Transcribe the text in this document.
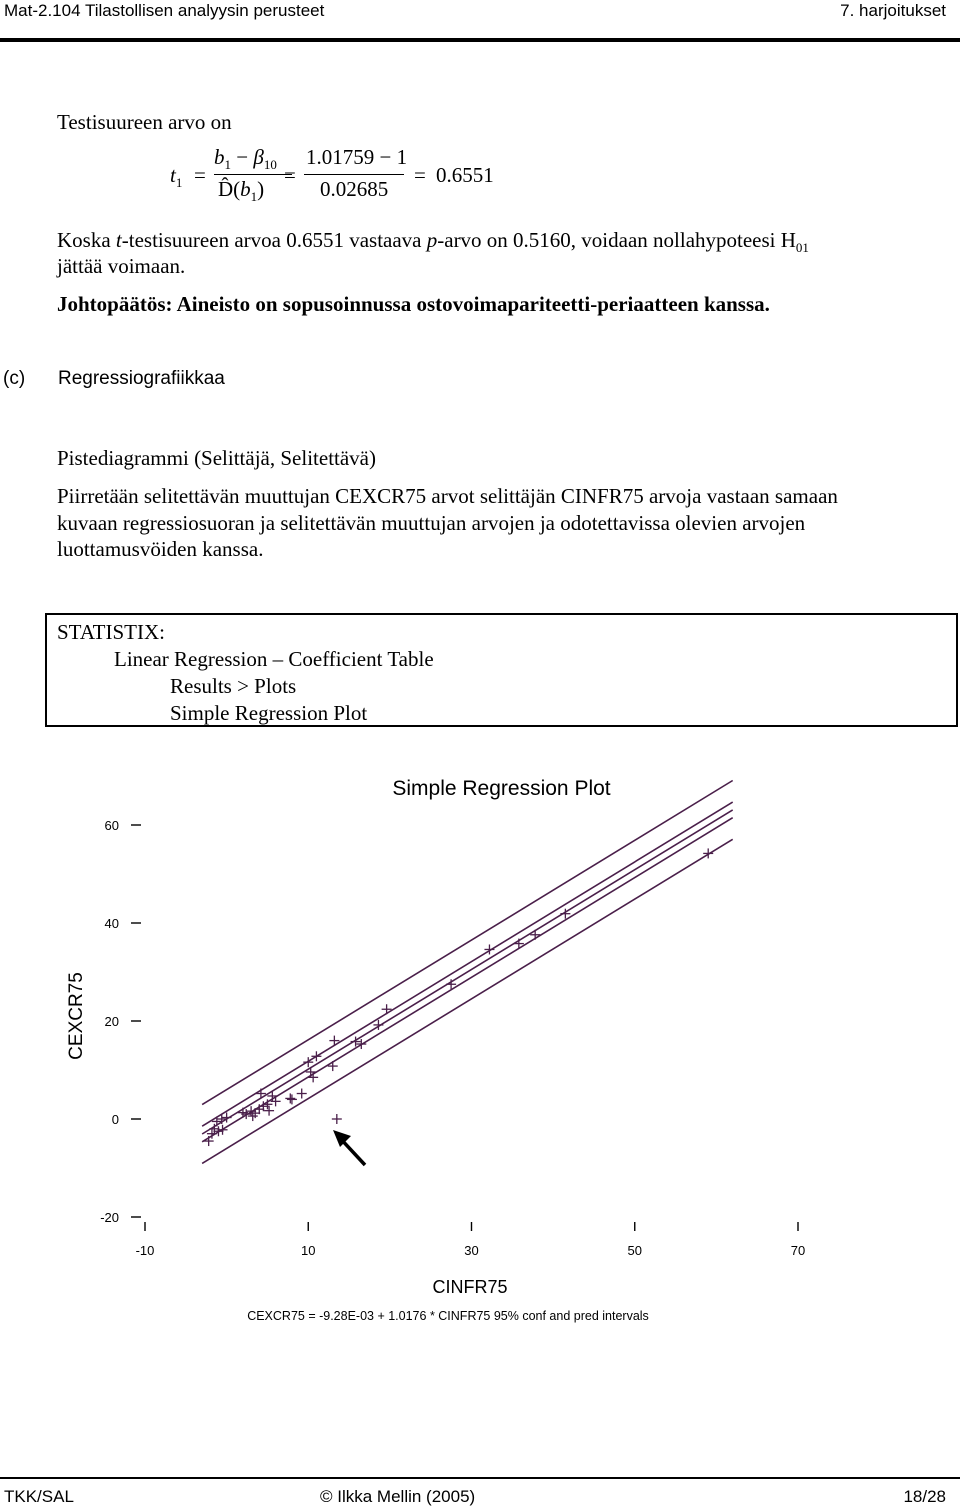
Mat-2.104 Tilastollisen analyysin perusteet	7. harjoitukset
Testisuureen arvo on
$t_1$ =
$b_1 - \beta_{10}$
$D̂(b_1)$
=
1.01759 − 1
0.02685
= 0.6551
Koska t-testisuureen arvoa 0.6551 vastaava p-arvo on 0.5160, voidaan nollahypoteesi $H_{01}$
jättää voimaan.
Johtopäätös: Aineisto on sopusoinnussa ostovoimapariteetti-periaatteen kanssa.
(c) Regressiografiikkaa
Pistediagrammi (Selittäjä, Selitettävä)
Piirretään selitettävän muuttujan CEXCR75 arvot selittäjän CINFR75 arvoja vastaan samaan
kuvaan regressiosuoran ja selitettävän muuttujan arvojen ja odotettavissa olevien arvojen
luottamusvöiden kanssa.
STATISTIX:
Linear Regression – Coefficient Table
Results > Plots
Simple Regression Plot
Simple Regression Plot
60
40
20
0
-20
-10	10	30	50	70
CINFR75
CEXCR75
CEXCR75 = -9.28E-03 + 1.0176 * CINFR75 95% conf and pred intervals
TKK/SAL	© Ilkka Mellin (2005)	18/28
